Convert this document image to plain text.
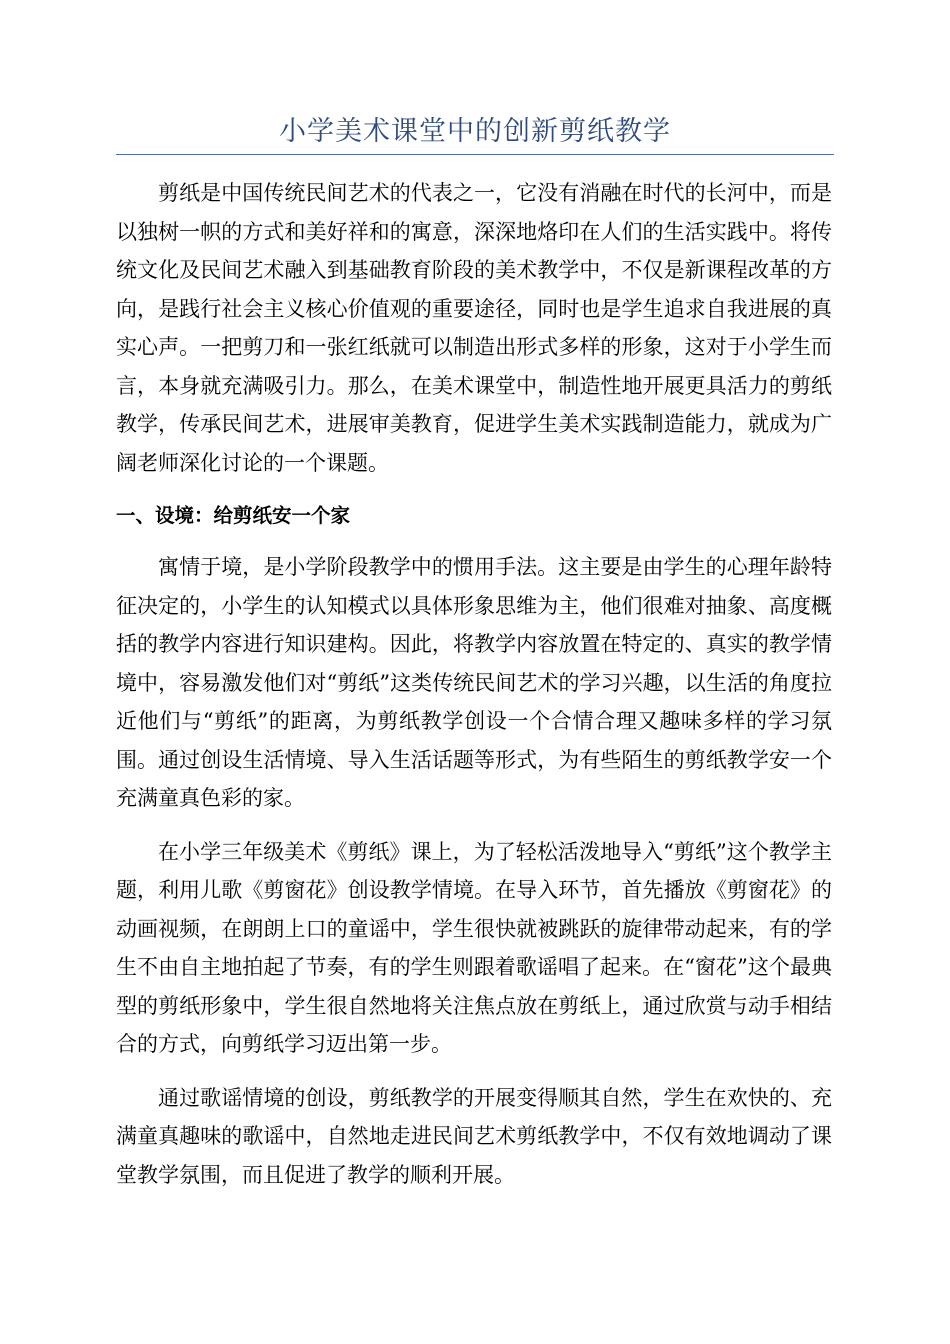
小学美术课堂中的创新剪纸教学

剪纸是中国传统民间艺术的代表之一，它没有消融在时代的长河中，而是以独树一帜的方式和美好祥和的寓意，深深地烙印在人们的生活实践中。将传统文化及民间艺术融入到基础教育阶段的美术教学中，不仅是新课程改革的方向，是践行社会主义核心价值观的重要途径，同时也是学生追求自我进展的真实心声。一把剪刀和一张红纸就可以制造出形式多样的形象，这对于小学生而言，本身就充满吸引力。那么，在美术课堂中，制造性地开展更具活力的剪纸教学，传承民间艺术，进展审美教育，促进学生美术实践制造能力，就成为广阔老师深化讨论的一个课题。

一、设境：给剪纸安一个家

寓情于境，是小学阶段教学中的惯用手法。这主要是由学生的心理年龄特征决定的，小学生的认知模式以具体形象思维为主，他们很难对抽象、高度概括的教学内容进行知识建构。因此，将教学内容放置在特定的、真实的教学情境中，容易激发他们对“剪纸”这类传统民间艺术的学习兴趣，以生活的角度拉近他们与“剪纸”的距离，为剪纸教学创设一个合情合理又趣味多样的学习氛围。通过创设生活情境、导入生活话题等形式，为有些陌生的剪纸教学安一个充满童真色彩的家。

在小学三年级美术《剪纸》课上，为了轻松活泼地导入“剪纸”这个教学主题，利用儿歌《剪窗花》创设教学情境。在导入环节，首先播放《剪窗花》的动画视频，在朗朗上口的童谣中，学生很快就被跳跃的旋律带动起来，有的学生不由自主地拍起了节奏，有的学生则跟着歌谣唱了起来。在“窗花”这个最典型的剪纸形象中，学生很自然地将关注焦点放在剪纸上，通过欣赏与动手相结合的方式，向剪纸学习迈出第一步。

通过歌谣情境的创设，剪纸教学的开展变得顺其自然，学生在欢快的、充满童真趣味的歌谣中，自然地走进民间艺术剪纸教学中，不仅有效地调动了课堂教学氛围，而且促进了教学的顺利开展。
